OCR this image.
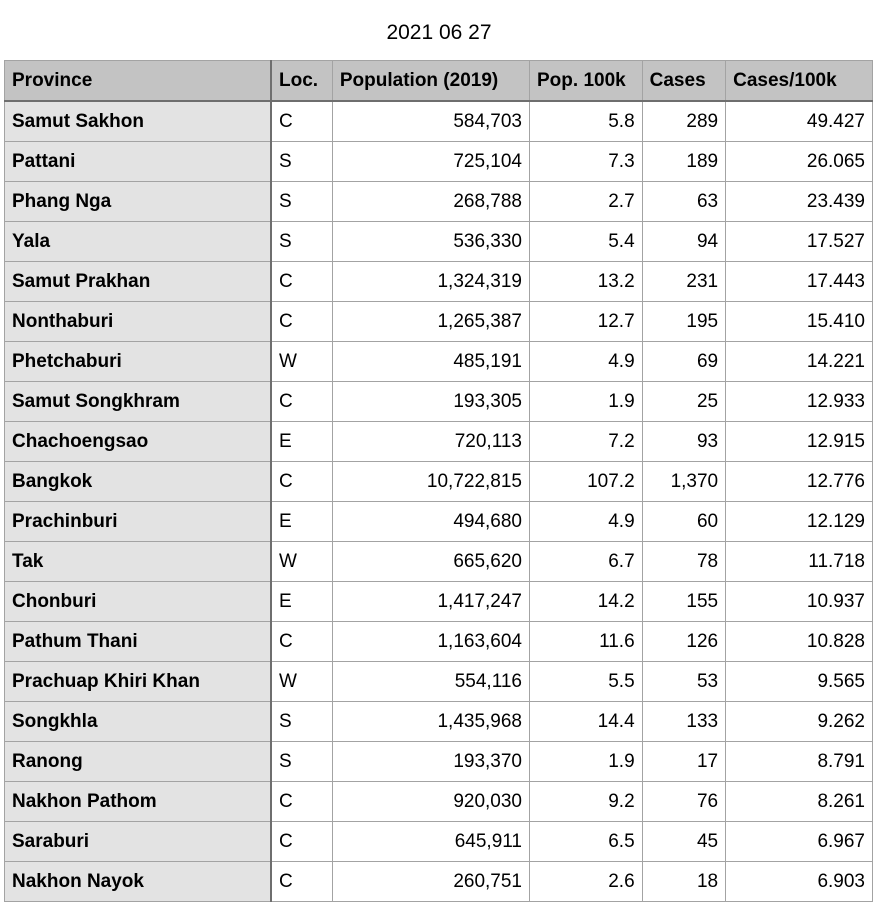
2021 06 27
Province	Loc.	Population (2019)	Pop. 100k	Cases	Cases/100k
Samut Sakhon	C	584,703	5.8	289	49.427
Pattani	S	725,104	7.3	189	26.065
Phang Nga	S	268,788	2.7	63	23.439
Yala	S	536,330	5.4	94	17.527
Samut Prakhan	C	1,324,319	13.2	231	17.443
Nonthaburi	C	1,265,387	12.7	195	15.410
Phetchaburi	W	485,191	4.9	69	14.221
Samut Songkhram	C	193,305	1.9	25	12.933
Chachoengsao	E	720,113	7.2	93	12.915
Bangkok	C	10,722,815	107.2	1,370	12.776
Prachinburi	E	494,680	4.9	60	12.129
Tak	W	665,620	6.7	78	11.718
Chonburi	E	1,417,247	14.2	155	10.937
Pathum Thani	C	1,163,604	11.6	126	10.828
Prachuap Khiri Khan	W	554,116	5.5	53	9.565
Songkhla	S	1,435,968	14.4	133	9.262
Ranong	S	193,370	1.9	17	8.791
Nakhon Pathom	C	920,030	9.2	76	8.261
Saraburi	C	645,911	6.5	45	6.967
Nakhon Nayok	C	260,751	2.6	18	6.903
